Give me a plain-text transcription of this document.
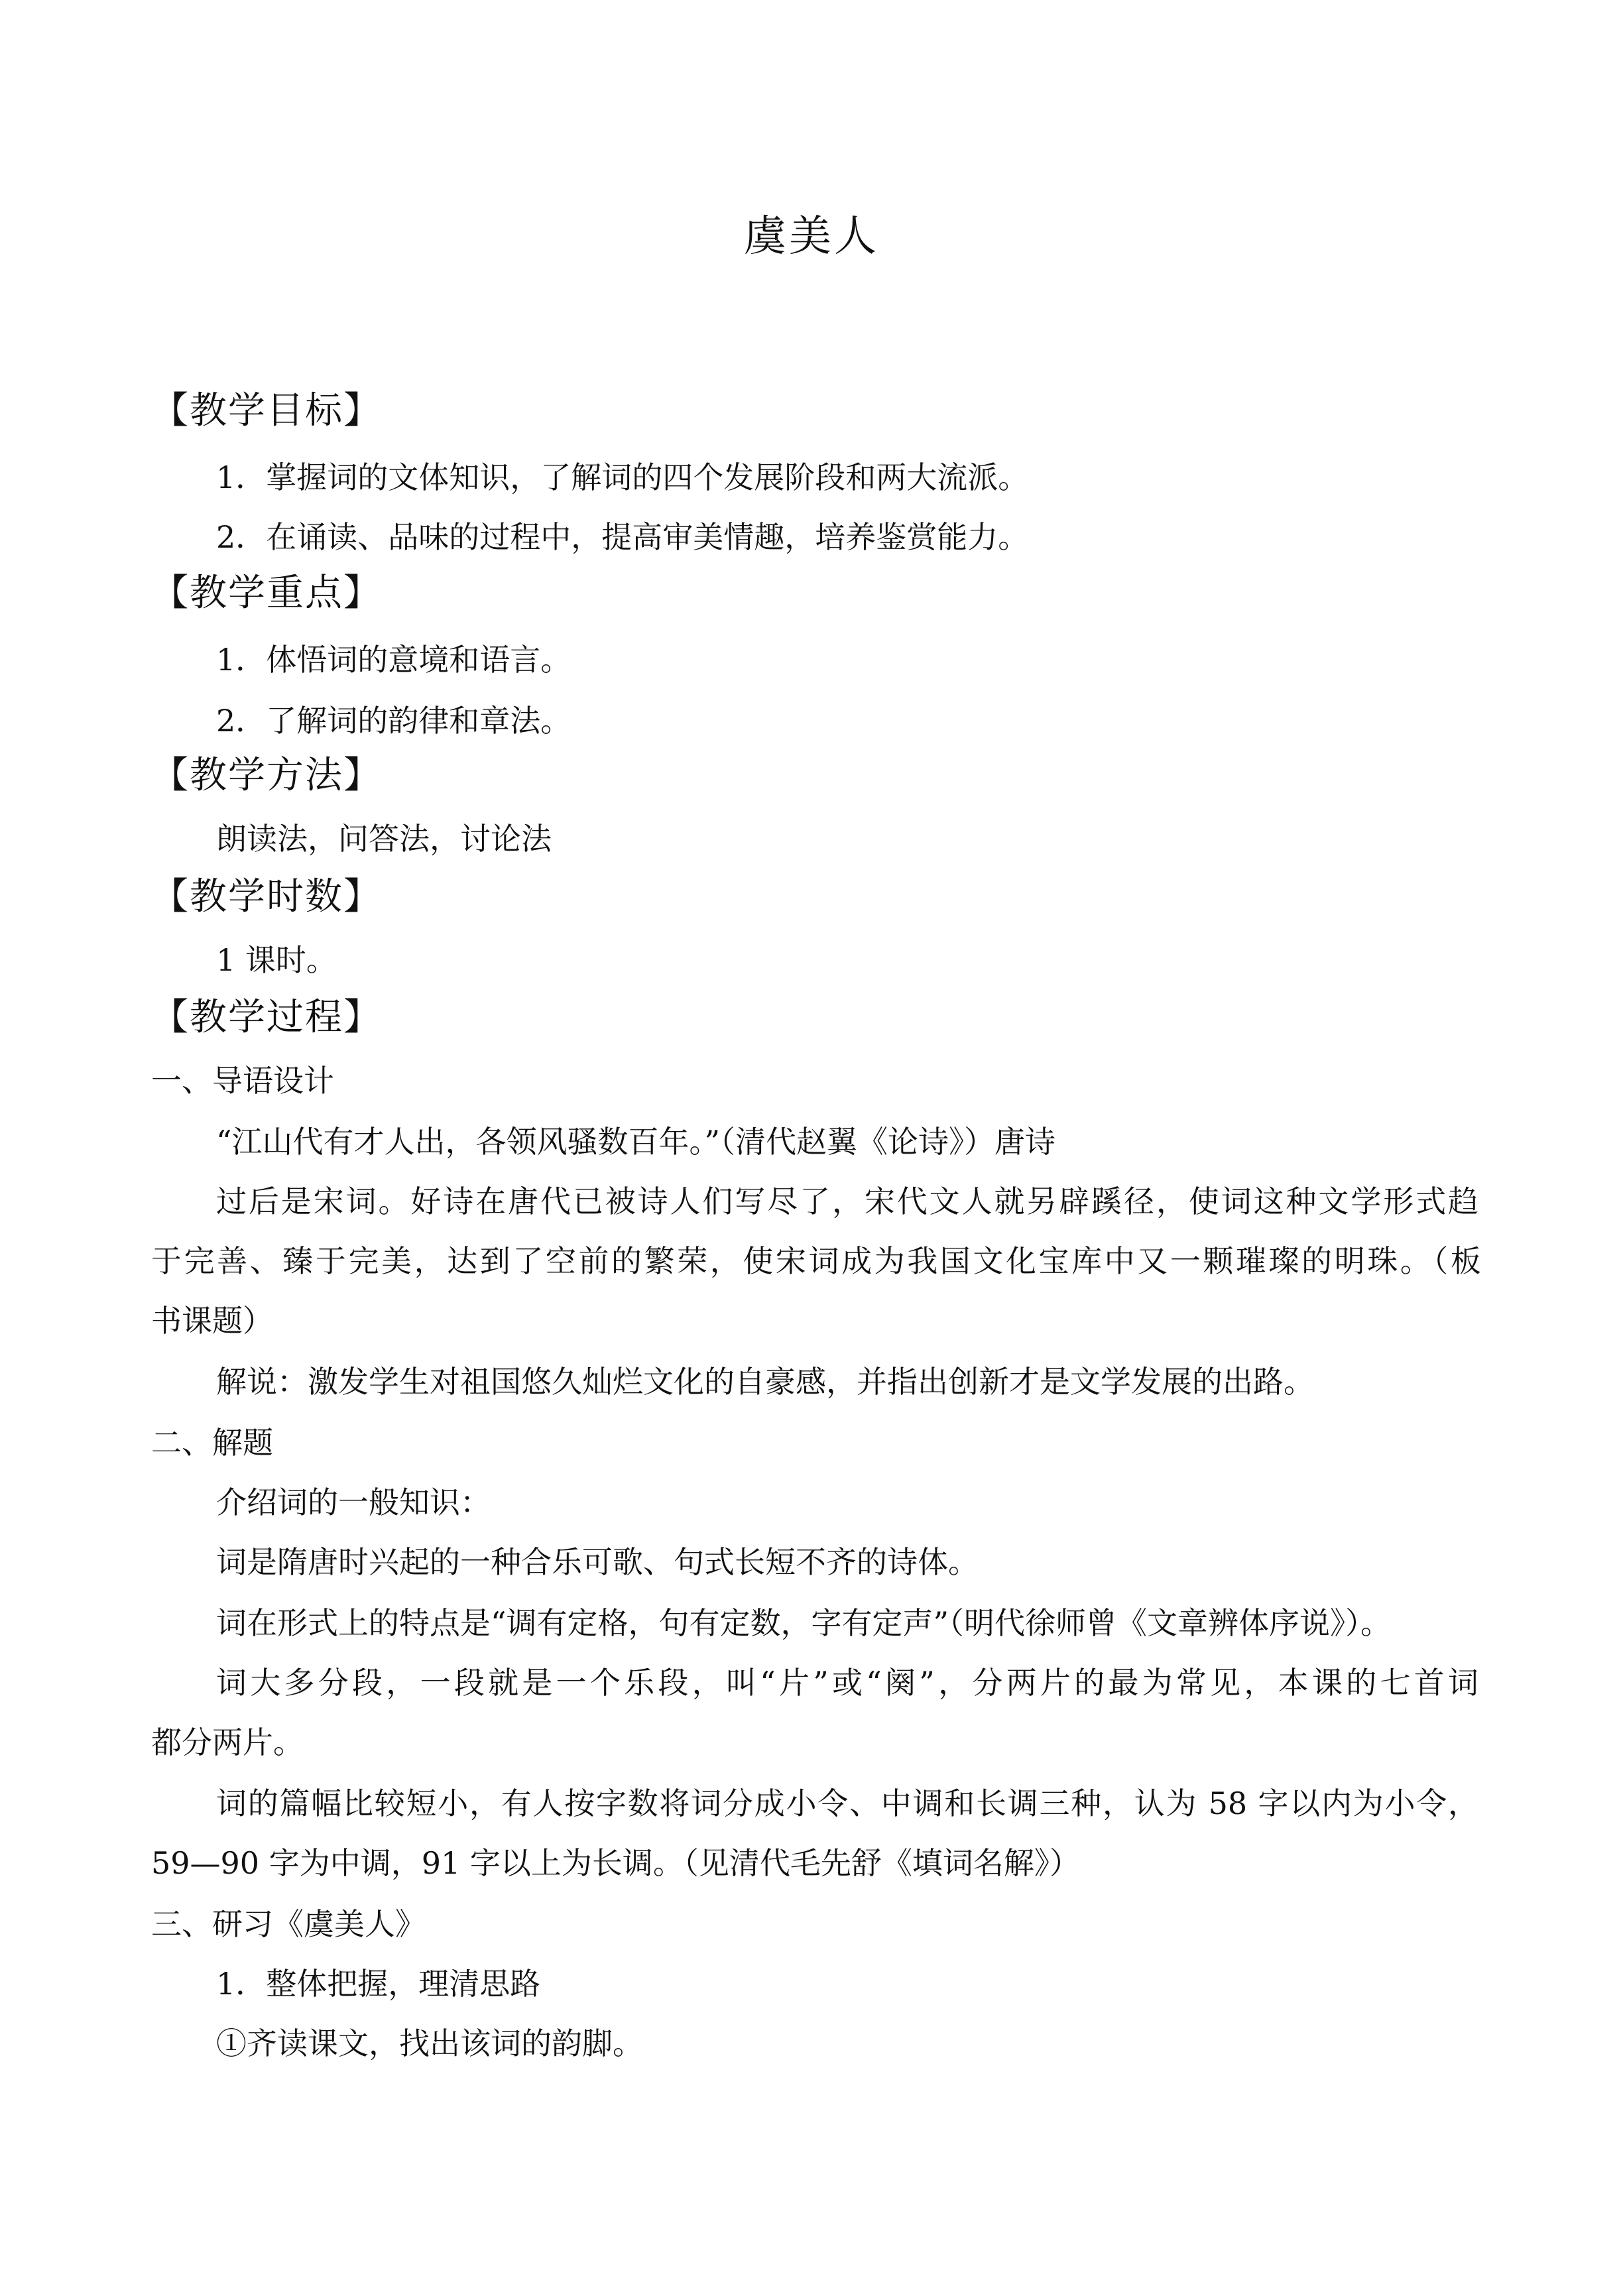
虞美人
【教学目标】
1．掌握词的文体知识，了解词的四个发展阶段和两大流派。
2．在诵读、品味的过程中，提高审美情趣，培养鉴赏能力。
【教学重点】
1．体悟词的意境和语言。
2．了解词的韵律和章法。
【教学方法】
朗读法，问答法，讨论法
【教学时数】
1 课时。
【教学过程】
一、导语设计
“江山代有才人出，各领风骚数百年。”（清代赵翼《论诗》）唐诗
过后是宋词。好诗在唐代已被诗人们写尽了，宋代文人就另辟蹊径，使词这种文学形式趋
于完善、臻于完美，达到了空前的繁荣，使宋词成为我国文化宝库中又一颗璀璨的明珠。（板
书课题）
解说：激发学生对祖国悠久灿烂文化的自豪感，并指出创新才是文学发展的出路。
二、解题
介绍词的一般知识：
词是隋唐时兴起的一种合乐可歌、句式长短不齐的诗体。
词在形式上的特点是“调有定格，句有定数，字有定声”（明代徐师曾《文章辨体序说》）。
词大多分段，一段就是一个乐段，叫“片”或“阕”，分两片的最为常见，本课的七首词
都分两片。
词的篇幅比较短小，有人按字数将词分成小令、中调和长调三种，认为 58 字以内为小令，
59—90 字为中调，91 字以上为长调。（见清代毛先舒《填词名解》）
三、研习《虞美人》
1．整体把握，理清思路
①齐读课文，找出该词的韵脚。
